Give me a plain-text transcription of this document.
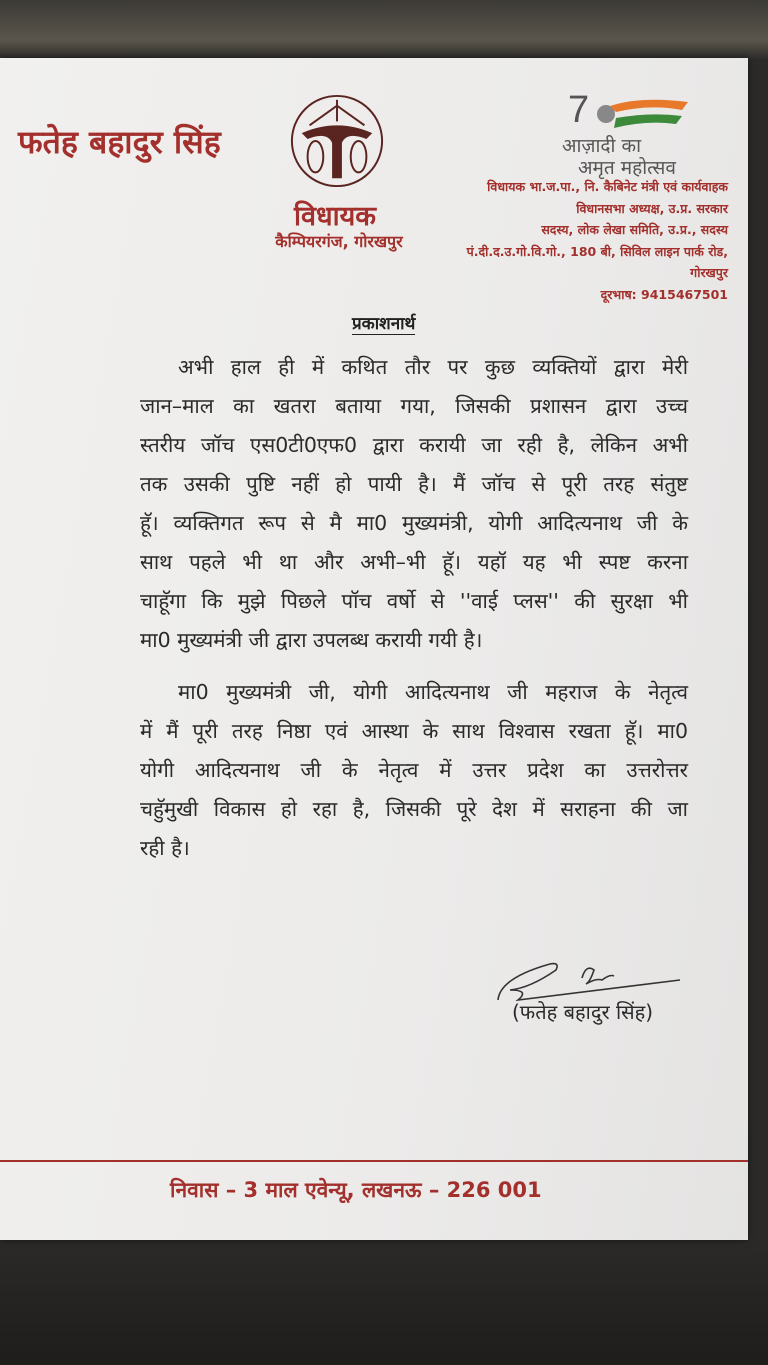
फतेह बहादुर सिंह
विधायक
कैम्पियरगंज, गोरखपुर
7
आज़ादी का
अमृत महोत्सव
विधायक भा.ज.पा., नि. कैबिनेट मंत्री एवं कार्यवाहक
विधानसभा अध्यक्ष, उ.प्र. सरकार
सदस्य, लोक लेखा समिति, उ.प्र., सदस्य
पं.दी.द.उ.गो.वि.गो., 180 बी, सिविल लाइन पार्क रोड,
गोरखपुर
दूरभाष: 9415467501
प्रकाशनार्थ
अभी हाल ही में कथित तौर पर कुछ व्यक्तियों द्वारा मेरी
जान–माल का खतरा बताया गया, जिसकी प्रशासन द्वारा उच्च
स्तरीय जॉच एस0टी0एफ0 द्वारा करायी जा रही है, लेकिन अभी
तक उसकी पुष्टि नहीं हो पायी है। मैं जॉच से पूरी तरह संतुष्ट
हूॅ। व्यक्तिगत रूप से मै मा0 मुख्यमंत्री, योगी आदित्यनाथ जी के
साथ पहले भी था और अभी–भी हूॅ। यहॉ यह भी स्पष्ट करना
चाहूॅगा कि मुझे पिछले पॉच वर्षो से ''वाई प्लस'' की सुरक्षा भी
मा0 मुख्यमंत्री जी द्वारा उपलब्ध करायी गयी है।
मा0 मुख्यमंत्री जी, योगी आदित्यनाथ जी महराज के नेतृत्व
में मैं पूरी तरह निष्ठा एवं आस्था के साथ विश्वास रखता हूॅ। मा0
योगी आदित्यनाथ जी के नेतृत्व में उत्तर प्रदेश का उत्तरोत्तर
चहुॅमुखी विकास हो रहा है, जिसकी पूरे देश में सराहना की जा
रही है।
(फतेह बहादुर सिंह)
निवास – 3 माल एवेन्यू, लखनऊ – 226 001
